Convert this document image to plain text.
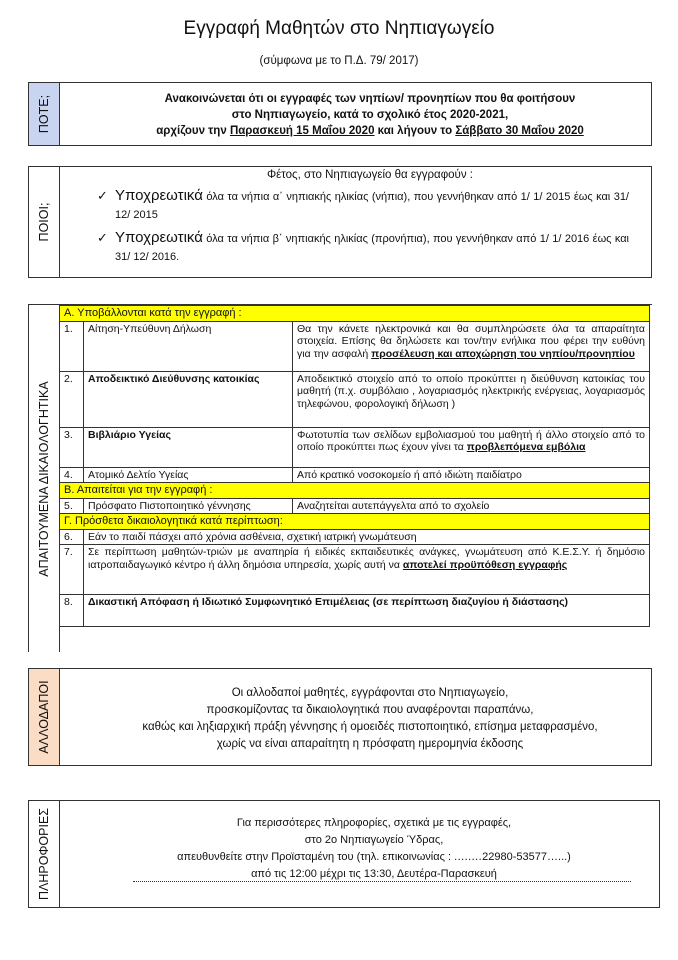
Εγγραφή Μαθητών στο Νηπιαγωγείο
(σύμφωνα με το Π.Δ. 79/ 2017)
ΠΟΤΕ;	Ανακοινώνεται ότι οι εγγραφές των νηπίων/ προνηπίων που θα φοιτήσουν
στο Νηπιαγωγείο, κατά το σχολικό έτος 2020-2021,
αρχίζουν την Παρασκευή 15 Μαΐου 2020 και λήγουν το Σάββατο 30 Μαΐου 2020
ΠΟΙΟΙ;
Φέτος, στο Νηπιαγωγείο θα εγγραφούν :
✓ Υποχρεωτικά όλα τα νήπια α΄ νηπιακής ηλικίας (νήπια), που γεννήθηκαν από 1/ 1/ 2015 έως και 31/ 12/ 2015
✓ Υποχρεωτικά όλα τα νήπια β΄ νηπιακής ηλικίας (προνήπια), που γεννήθηκαν από 1/ 1/ 2016 έως και 31/ 12/ 2016.
ΑΠΑΙΤΟΥΜΕΝΑ ΔΙΚΑΙΟΛΟΓΗΤΙΚΑ
Α. Υποβάλλονται κατά την εγγραφή :		
1.	Αίτηση-Υπεύθυνη Δήλωση	Θα την κάνετε ηλεκτρονικά και θα συμπληρώσετε όλα τα απαραίτητα στοιχεία. Επίσης θα δηλώσετε και τον/την ενήλικα που φέρει την ευθύνη για την ασφαλή προσέλευση και αποχώρηση του νηπίου/προνηπίου
2.	Αποδεικτικό Διεύθυνσης κατοικίας	Αποδεικτικό στοιχείο από το οποίο προκύπτει η διεύθυνση κατοικίας του μαθητή (π.χ. συμβόλαιο , λογαριασμός ηλεκτρικής ενέργειας, λογαριασμός τηλεφώνου, φορολογική δήλωση )
3.	Βιβλιάριο Υγείας	Φωτοτυπία των σελίδων εμβολιασμού του μαθητή ή άλλο στοιχείο από το οποίο προκύπτει πως έχουν γίνει τα προβλεπόμενα εμβόλια
4.	Ατομικό Δελτίο Υγείας	Από κρατικό νοσοκομείο ή από ιδιώτη παιδίατρο
Β. Απαιτείται για την εγγραφή :		
5.	Πρόσφατο Πιστοποιητικό γέννησης	Αναζητείται αυτεπάγγελτα από το σχολείο
Γ. Πρόσθετα δικαιολογητικά κατά περίπτωση:		
6.	Εάν το παιδί πάσχει από χρόνια ασθένεια, σχετική ιατρική γνωμάτευση	
7.	Σε περίπτωση μαθητών-τριών με αναπηρία ή ειδικές εκπαιδευτικές ανάγκες, γνωμάτευση από Κ.Ε.Σ.Υ. ή δημόσιο ιατροπαιδαγωγικό κέντρο ή άλλη δημόσια υπηρεσία, χωρίς αυτή να αποτελεί προϋπόθεση εγγραφής	
8.	Δικαστική Απόφαση ή Ιδιωτικό Συμφωνητικό Επιμέλειας (σε περίπτωση διαζυγίου ή διάστασης)	
ΑΛΛΟΔΑΠΟΙ	Οι αλλοδαποί μαθητές, εγγράφονται στο Νηπιαγωγείο,
προσκομίζοντας τα δικαιολογητικά που αναφέρονται παραπάνω,
καθώς και ληξιαρχική πράξη γέννησης ή ομοειδές πιστοποιητικό, επίσημα μεταφρασμένο,
χωρίς να είναι απαραίτητη η πρόσφατη ημερομηνία έκδοσης
ΠΛΗΡΟΦΟΡΙΕΣ	Για περισσότερες πληροφορίες, σχετικά με τις εγγραφές,
στο 2ο Νηπιαγωγείο Ύδρας,
απευθυνθείτε στην Προϊσταμένη του (τηλ. επικοινωνίας : .….…22980-53577…...)
από τις 12:00 μέχρι τις 13:30, Δευτέρα-Παρασκευή
